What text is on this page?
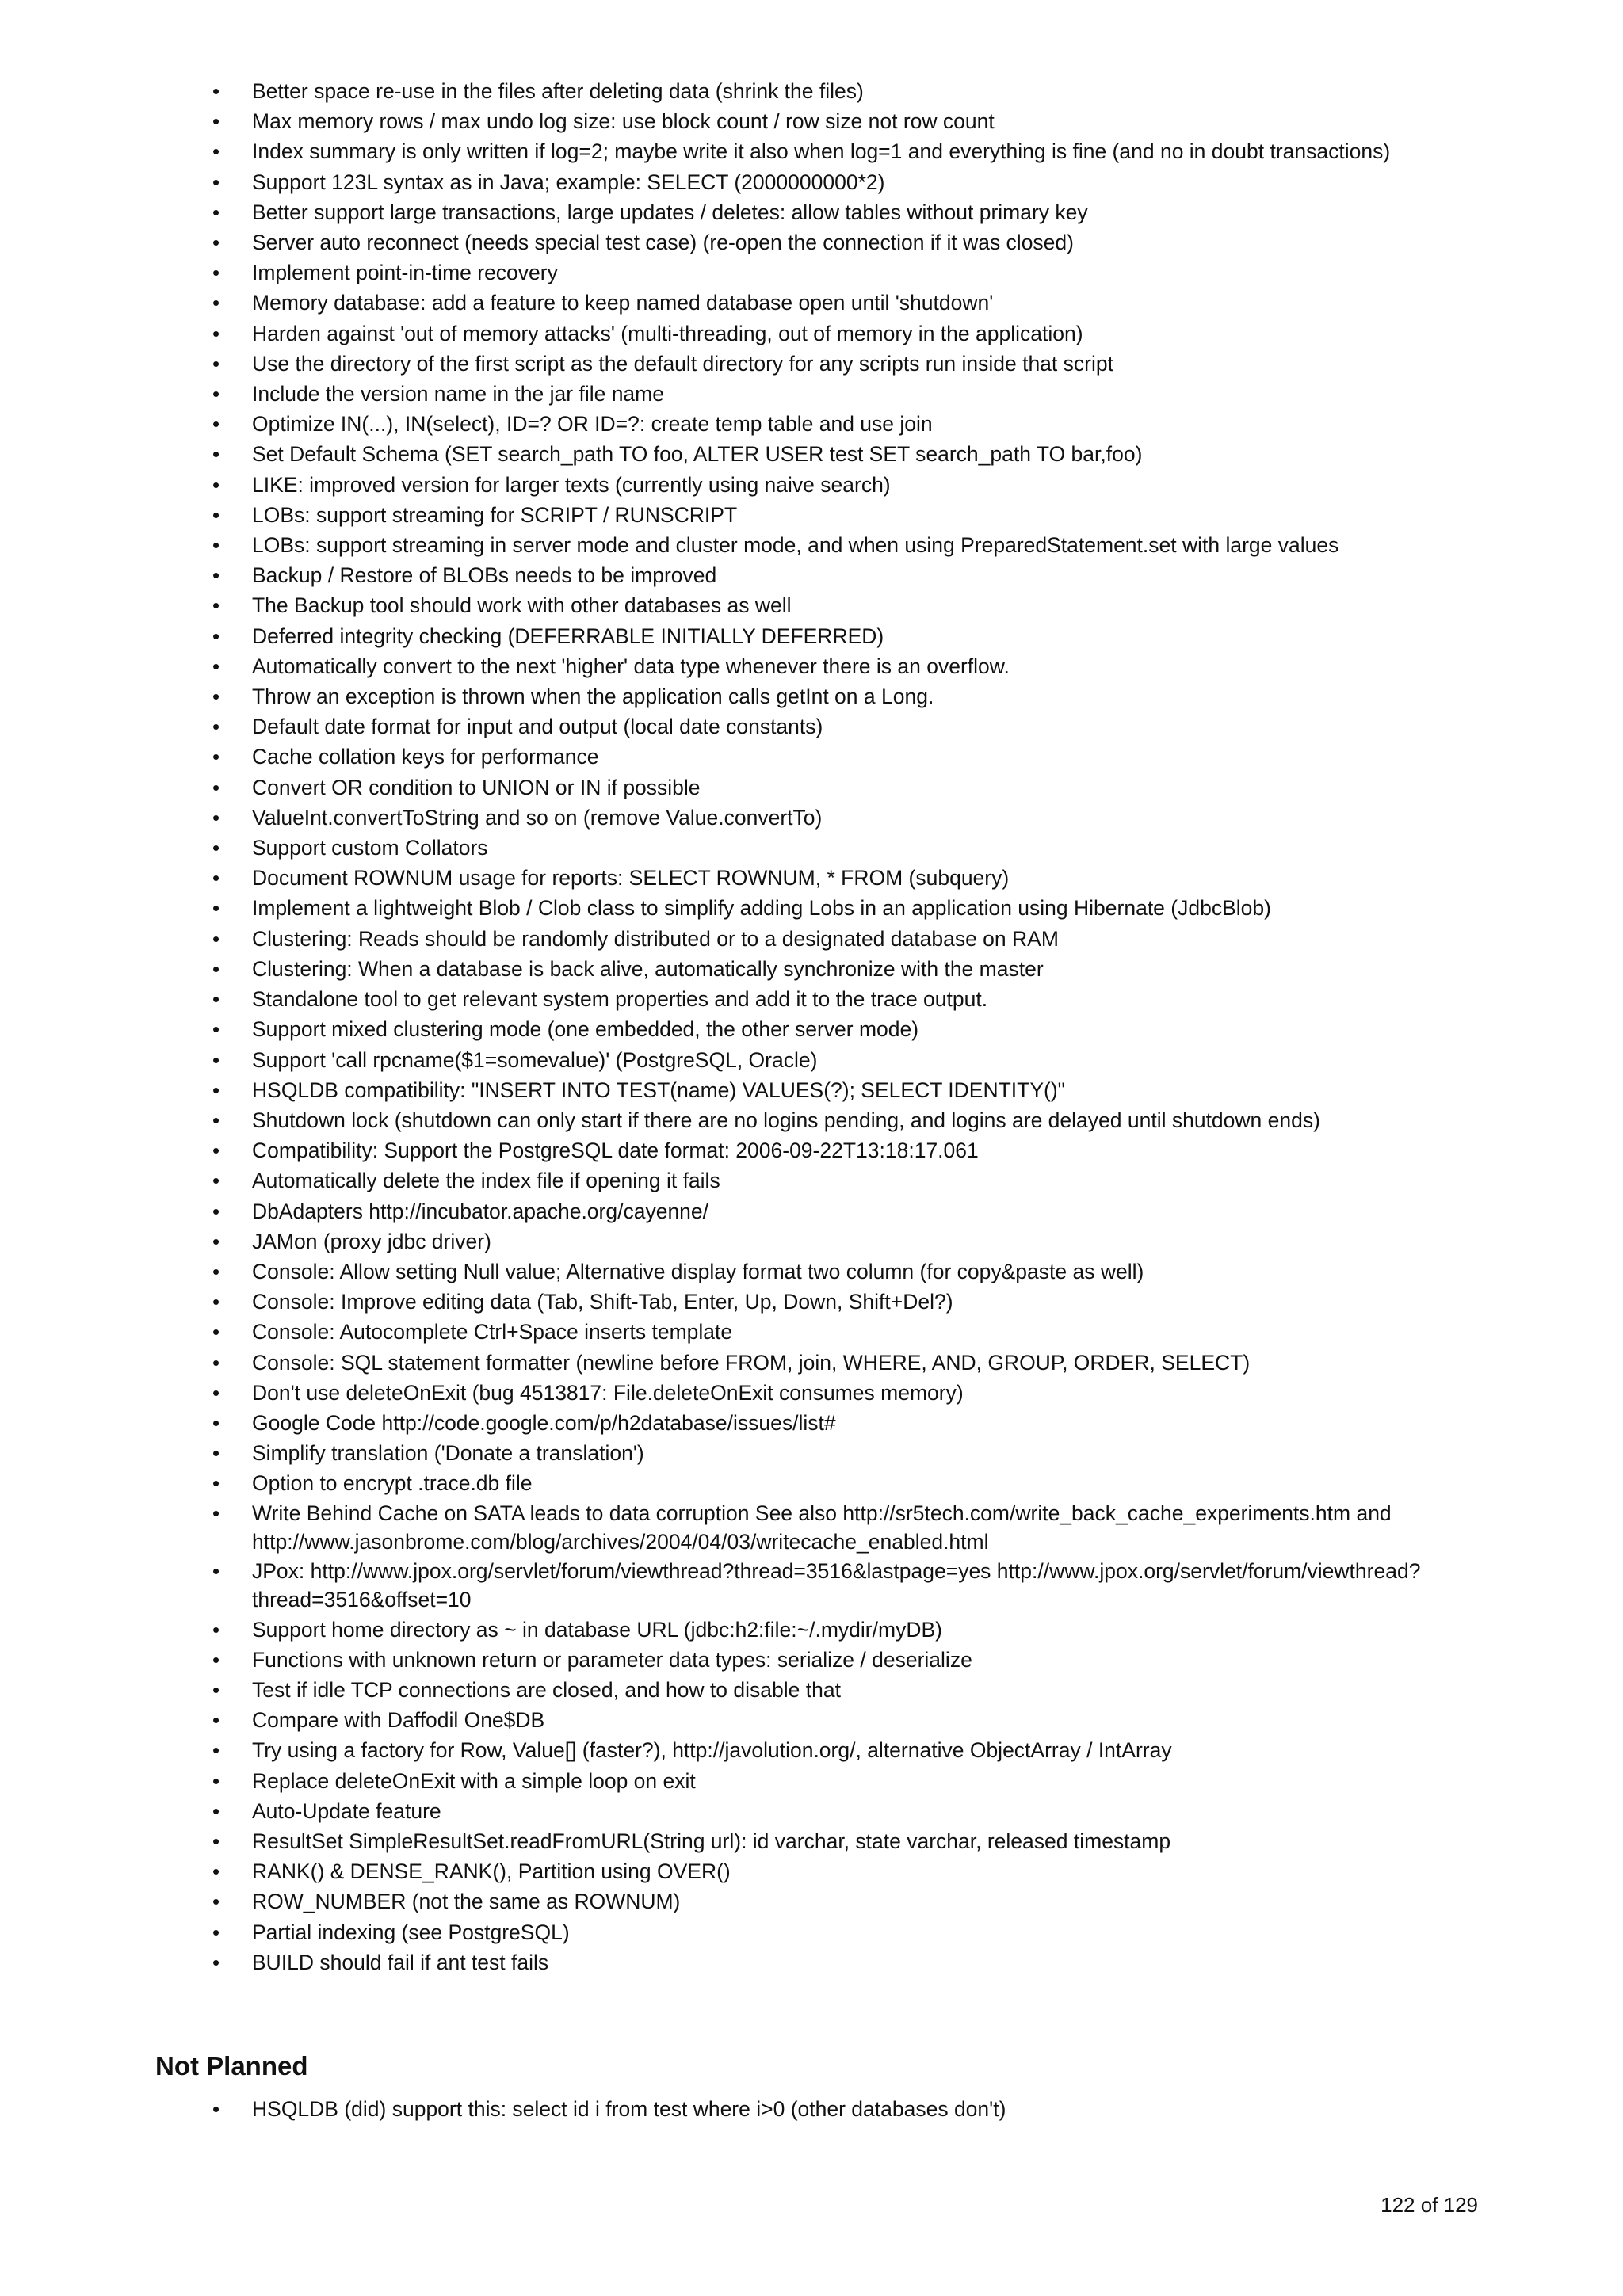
• Better space re-use in the files after deleting data (shrink the files)
• Max memory rows / max undo log size: use block count / row size not row count
• Index summary is only written if log=2; maybe write it also when log=1 and everything is fine (and no in doubt transactions)
• Support 123L syntax as in Java; example: SELECT (2000000000*2)
• Better support large transactions, large updates / deletes: allow tables without primary key
• Server auto reconnect (needs special test case) (re-open the connection if it was closed)
• Implement point-in-time recovery
• Memory database: add a feature to keep named database open until 'shutdown'
• Harden against 'out of memory attacks' (multi-threading, out of memory in the application)
• Use the directory of the first script as the default directory for any scripts run inside that script
• Include the version name in the jar file name
• Optimize IN(...), IN(select), ID=? OR ID=?: create temp table and use join
• Set Default Schema (SET search_path TO foo, ALTER USER test SET search_path TO bar,foo)
• LIKE: improved version for larger texts (currently using naive search)
• LOBs: support streaming for SCRIPT / RUNSCRIPT
• LOBs: support streaming in server mode and cluster mode, and when using PreparedStatement.set with large values
• Backup / Restore of BLOBs needs to be improved
• The Backup tool should work with other databases as well
• Deferred integrity checking (DEFERRABLE INITIALLY DEFERRED)
• Automatically convert to the next 'higher' data type whenever there is an overflow.
• Throw an exception is thrown when the application calls getInt on a Long.
• Default date format for input and output (local date constants)
• Cache collation keys for performance
• Convert OR condition to UNION or IN if possible
• ValueInt.convertToString and so on (remove Value.convertTo)
• Support custom Collators
• Document ROWNUM usage for reports: SELECT ROWNUM, * FROM (subquery)
• Implement a lightweight Blob / Clob class to simplify adding Lobs in an application using Hibernate (JdbcBlob)
• Clustering: Reads should be randomly distributed or to a designated database on RAM
• Clustering: When a database is back alive, automatically synchronize with the master
• Standalone tool to get relevant system properties and add it to the trace output.
• Support mixed clustering mode (one embedded, the other server mode)
• Support 'call rpcname($1=somevalue)' (PostgreSQL, Oracle)
• HSQLDB compatibility: "INSERT INTO TEST(name) VALUES(?); SELECT IDENTITY()"
• Shutdown lock (shutdown can only start if there are no logins pending, and logins are delayed until shutdown ends)
• Compatibility: Support the PostgreSQL date format: 2006-09-22T13:18:17.061
• Automatically delete the index file if opening it fails
• DbAdapters http://incubator.apache.org/cayenne/
• JAMon (proxy jdbc driver)
• Console: Allow setting Null value; Alternative display format two column (for copy&paste as well)
• Console: Improve editing data (Tab, Shift-Tab, Enter, Up, Down, Shift+Del?)
• Console: Autocomplete Ctrl+Space inserts template
• Console: SQL statement formatter (newline before FROM, join, WHERE, AND, GROUP, ORDER, SELECT)
• Don't use deleteOnExit (bug 4513817: File.deleteOnExit consumes memory)
• Google Code http://code.google.com/p/h2database/issues/list#
• Simplify translation ('Donate a translation')
• Option to encrypt .trace.db file
• Write Behind Cache on SATA leads to data corruption See also http://sr5tech.com/write_back_cache_experiments.htm and http://www.jasonbrome.com/blog/archives/2004/04/03/writecache_enabled.html
• JPox: http://www.jpox.org/servlet/forum/viewthread?thread=3516&lastpage=yes http://www.jpox.org/servlet/forum/viewthread?thread=3516&offset=10
• Support home directory as ~ in database URL (jdbc:h2:file:~/.mydir/myDB)
• Functions with unknown return or parameter data types: serialize / deserialize
• Test if idle TCP connections are closed, and how to disable that
• Compare with Daffodil One$DB
• Try using a factory for Row, Value[] (faster?), http://javolution.org/, alternative ObjectArray / IntArray
• Replace deleteOnExit with a simple loop on exit
• Auto-Update feature
• ResultSet SimpleResultSet.readFromURL(String url): id varchar, state varchar, released timestamp
• RANK() & DENSE_RANK(), Partition using OVER()
• ROW_NUMBER (not the same as ROWNUM)
• Partial indexing (see PostgreSQL)
• BUILD should fail if ant test fails
Not Planned
• HSQLDB (did) support this: select id i from test where i>0 (other databases don't)
122 of 129
